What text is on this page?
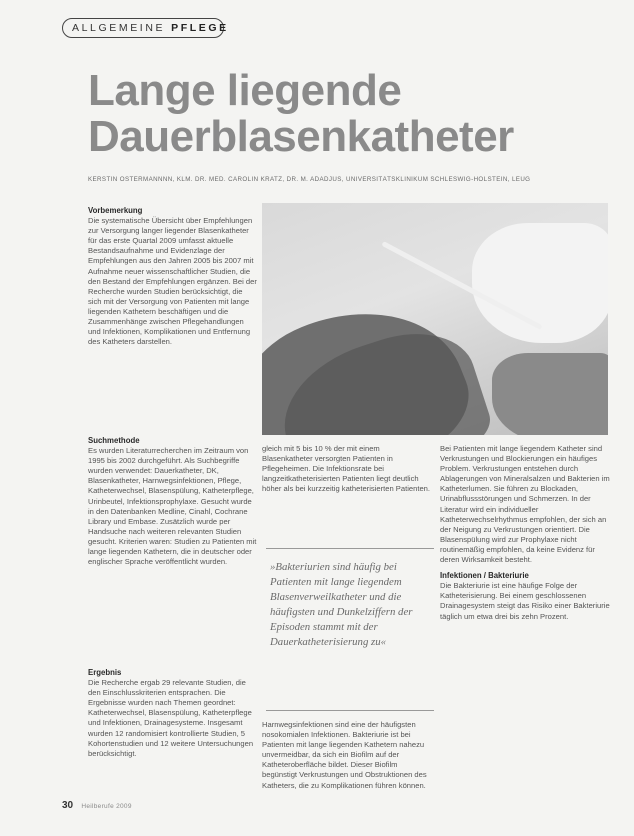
ALLGEMEINE PFLEGE
Lange liegende
Dauerblasenkatheter
KERSTIN OSTERMANNNN, KLM. DR. MED. CAROLIN KRATZ, DR. M. ADADJUS, UNIVERSITÄTSKLINIKUM SCHLESWIG-HOLSTEIN, LEUG
Vorbemerkung

Die systematische Übersicht über Empfehlungen zur Versorgung langer liegender Blasenkatheter für das erste Quartal 2009 umfasst aktuelle Bestandsaufnahme und Evidenzlage der Empfehlungen aus den Jahren 2005 bis 2007 mit Aufnahme neuer wissenschaftlicher Studien, die den Bestand der Empfehlungen ergänzen. Bei der Recherche wurden Studien berücksichtigt, die sich mit der Versorgung von Patienten mit lange liegenden Kathetern beschäftigen und die Zusammenhänge zwischen Pflegehandlungen und Infektionen, Komplikationen und Entfernung des Katheters darstellen.

Suchmethode

Es wurden Literaturrecherchen im Zeitraum von 1995 bis 2002 durchgeführt. Als Suchbegriffe wurden verwendet: Dauerkatheter, DK, Blasenkatheter, Harnwegsinfektionen, Pflege, Katheterwechsel, Blasenspülung, Katheterpflege, Urinbeutel, Infektionsprophylaxe. Gesucht wurde in den Datenbanken Medline, Cinahl, Cochrane Library und Embase. Zusätzlich wurde per Handsuche nach weiteren relevanten Studien gesucht. Kriterien waren: Studien zu Patienten mit lange liegenden Kathetern, die in deutscher oder englischer Sprache veröffentlicht wurden.

Ergebnis

Die Recherche ergab 29 relevante Studien, die den Einschlusskriterien entsprachen. Die Ergebnisse wurden nach Themen geordnet: Katheterwechsel, Blasenspülung, Katheterpflege und Infektionen, Drainagesysteme. Insgesamt wurden 12 randomisiert kontrollierte Studien, 5 Kohortenstudien und 12 weitere Untersuchungen berücksichtigt.

gleich mit 5 bis 10 % der mit einem Blasenkatheter versorgten Patienten in Pflegeheimen. Die Infektionsrate bei langzeitkatheterisierten Patienten liegt deutlich höher als bei kurzzeitig katheterisierten Patienten.

»Bakteriurien sind häufig bei Patienten mit lange liegendem Blasenverweilkatheter und die häufigsten und Dunkelziffern der Episoden stammt mit der Dauerkatheterisierung zu«

Harnwegsinfektionen sind eine der häufigsten nosokomialen Infektionen. Bakteriurie ist bei Patienten mit lange liegenden Kathetern nahezu unvermeidbar, da sich ein Biofilm auf der Katheteroberfläche bildet. Dieser Biofilm begünstigt Verkrustungen und Obstruktionen des Katheters, die zu Komplikationen führen können.

Bei Patienten mit lange liegendem Katheter sind Verkrustungen und Blockierungen ein häufiges Problem. Verkrustungen entstehen durch Ablagerungen von Mineralsalzen und Bakterien im Katheterlumen. Sie führen zu Blockaden, Urinabflussstörungen und Schmerzen. In der Literatur wird ein individueller Katheterwechselrhythmus empfohlen, der sich an der Neigung zu Verkrustungen orientiert. Die Blasenspülung wird zur Prophylaxe nicht routinemäßig empfohlen, da keine Evidenz für deren Wirksamkeit besteht.

Infektionen / Bakteriurie

Die Bakteriurie ist eine häufige Folge der Katheterisierung. Bei einem geschlossenen Drainagesystem steigt das Risiko einer Bakteriurie täglich um etwa drei bis zehn Prozent.

30 Heilberufe 2009
